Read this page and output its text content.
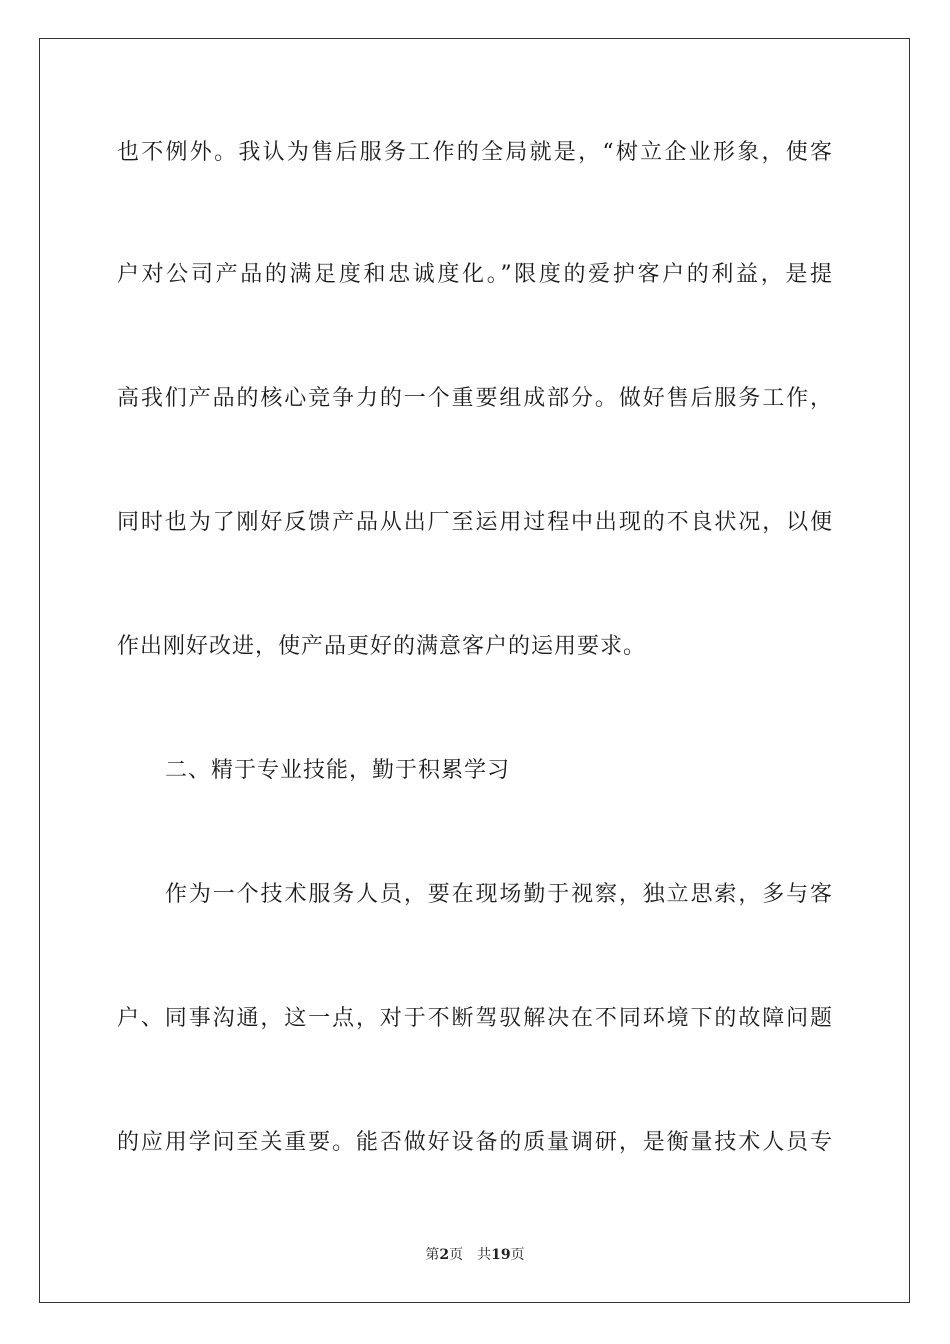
也不例外。我认为售后服务工作的全局就是，“树立企业形象，使客
户对公司产品的满足度和忠诚度化。”限度的爱护客户的利益，是提
高我们产品的核心竞争力的一个重要组成部分。做好售后服务工作，
同时也为了刚好反馈产品从出厂至运用过程中出现的不良状况，以便
作出刚好改进，使产品更好的满意客户的运用要求。
二、精于专业技能，勤于积累学习
作为一个技术服务人员，要在现场勤于视察，独立思索，多与客
户、同事沟通，这一点，对于不断驾驭解决在不同环境下的故障问题
的应用学问至关重要。能否做好设备的质量调研，是衡量技术人员专
第2页 共19页
